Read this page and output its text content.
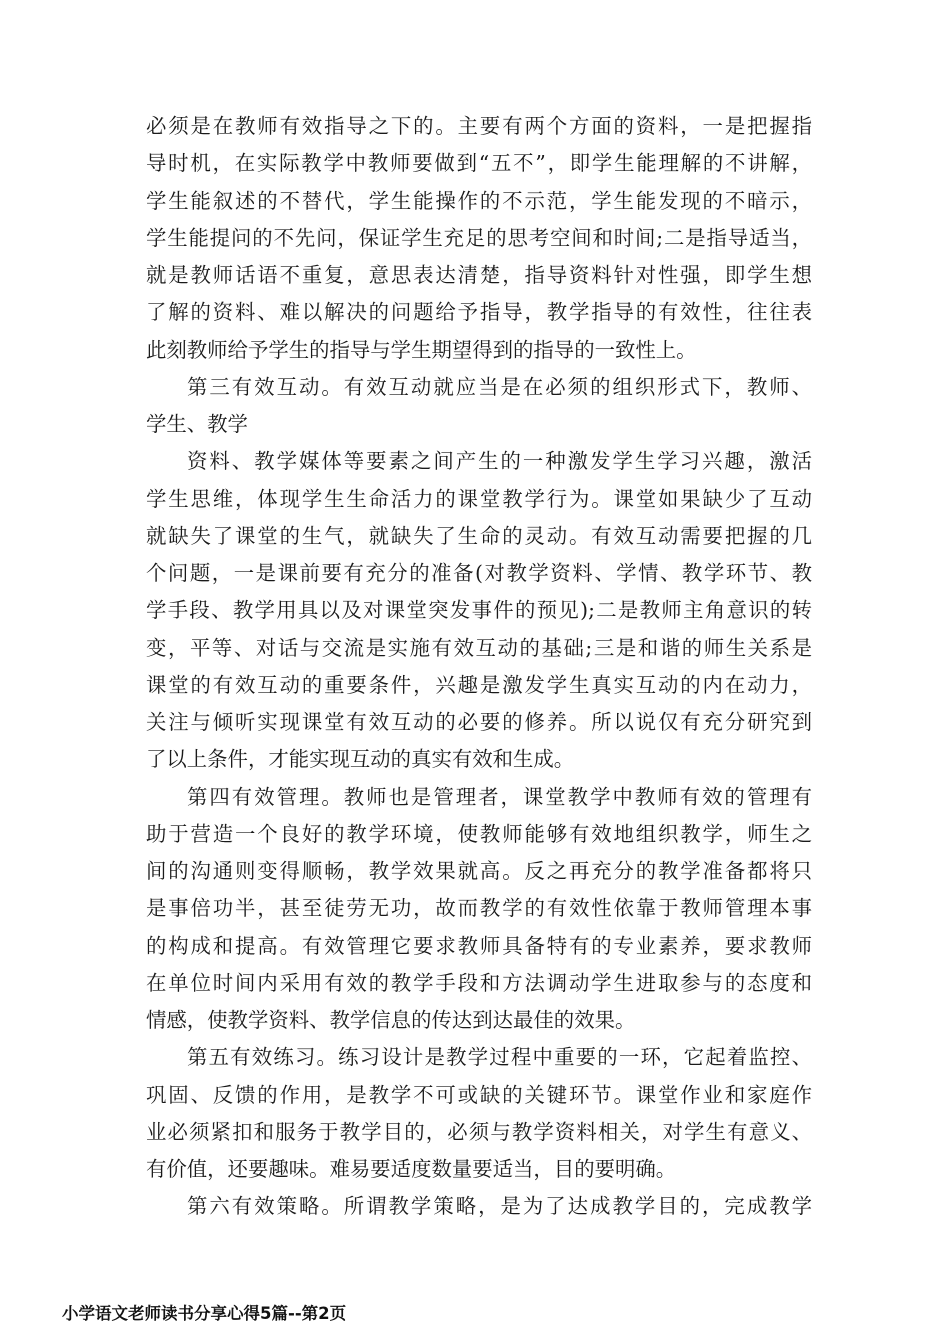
必须是在教师有效指导之下的。主要有两个方面的资料，一是把握指
导时机，在实际教学中教师要做到“五不”，即学生能理解的不讲解，
学生能叙述的不替代，学生能操作的不示范，学生能发现的不暗示，
学生能提问的不先问，保证学生充足的思考空间和时间;二是指导适当，
就是教师话语不重复，意思表达清楚，指导资料针对性强，即学生想
了解的资料、难以解决的问题给予指导，教学指导的有效性，往往表
此刻教师给予学生的指导与学生期望得到的指导的一致性上。
第三有效互动。有效互动就应当是在必须的组织形式下，教师、
学生、教学
资料、教学媒体等要素之间产生的一种激发学生学习兴趣，激活
学生思维，体现学生生命活力的课堂教学行为。课堂如果缺少了互动
就缺失了课堂的生气，就缺失了生命的灵动。有效互动需要把握的几
个问题，一是课前要有充分的准备(对教学资料、学情、教学环节、教
学手段、教学用具以及对课堂突发事件的预见);二是教师主角意识的转
变，平等、对话与交流是实施有效互动的基础;三是和谐的师生关系是
课堂的有效互动的重要条件，兴趣是激发学生真实互动的内在动力，
关注与倾听实现课堂有效互动的必要的修养。所以说仅有充分研究到
了以上条件，才能实现互动的真实有效和生成。
第四有效管理。教师也是管理者，课堂教学中教师有效的管理有
助于营造一个良好的教学环境，使教师能够有效地组织教学，师生之
间的沟通则变得顺畅，教学效果就高。反之再充分的教学准备都将只
是事倍功半，甚至徒劳无功，故而教学的有效性依靠于教师管理本事
的构成和提高。有效管理它要求教师具备特有的专业素养，要求教师
在单位时间内采用有效的教学手段和方法调动学生进取参与的态度和
情感，使教学资料、教学信息的传达到达最佳的效果。
第五有效练习。练习设计是教学过程中重要的一环，它起着监控、
巩固、反馈的作用，是教学不可或缺的关键环节。课堂作业和家庭作
业必须紧扣和服务于教学目的，必须与教学资料相关，对学生有意义、
有价值，还要趣味。难易要适度数量要适当，目的要明确。
第六有效策略。所谓教学策略，是为了达成教学目的，完成教学
小学语文老师读书分享心得5篇--第2页
